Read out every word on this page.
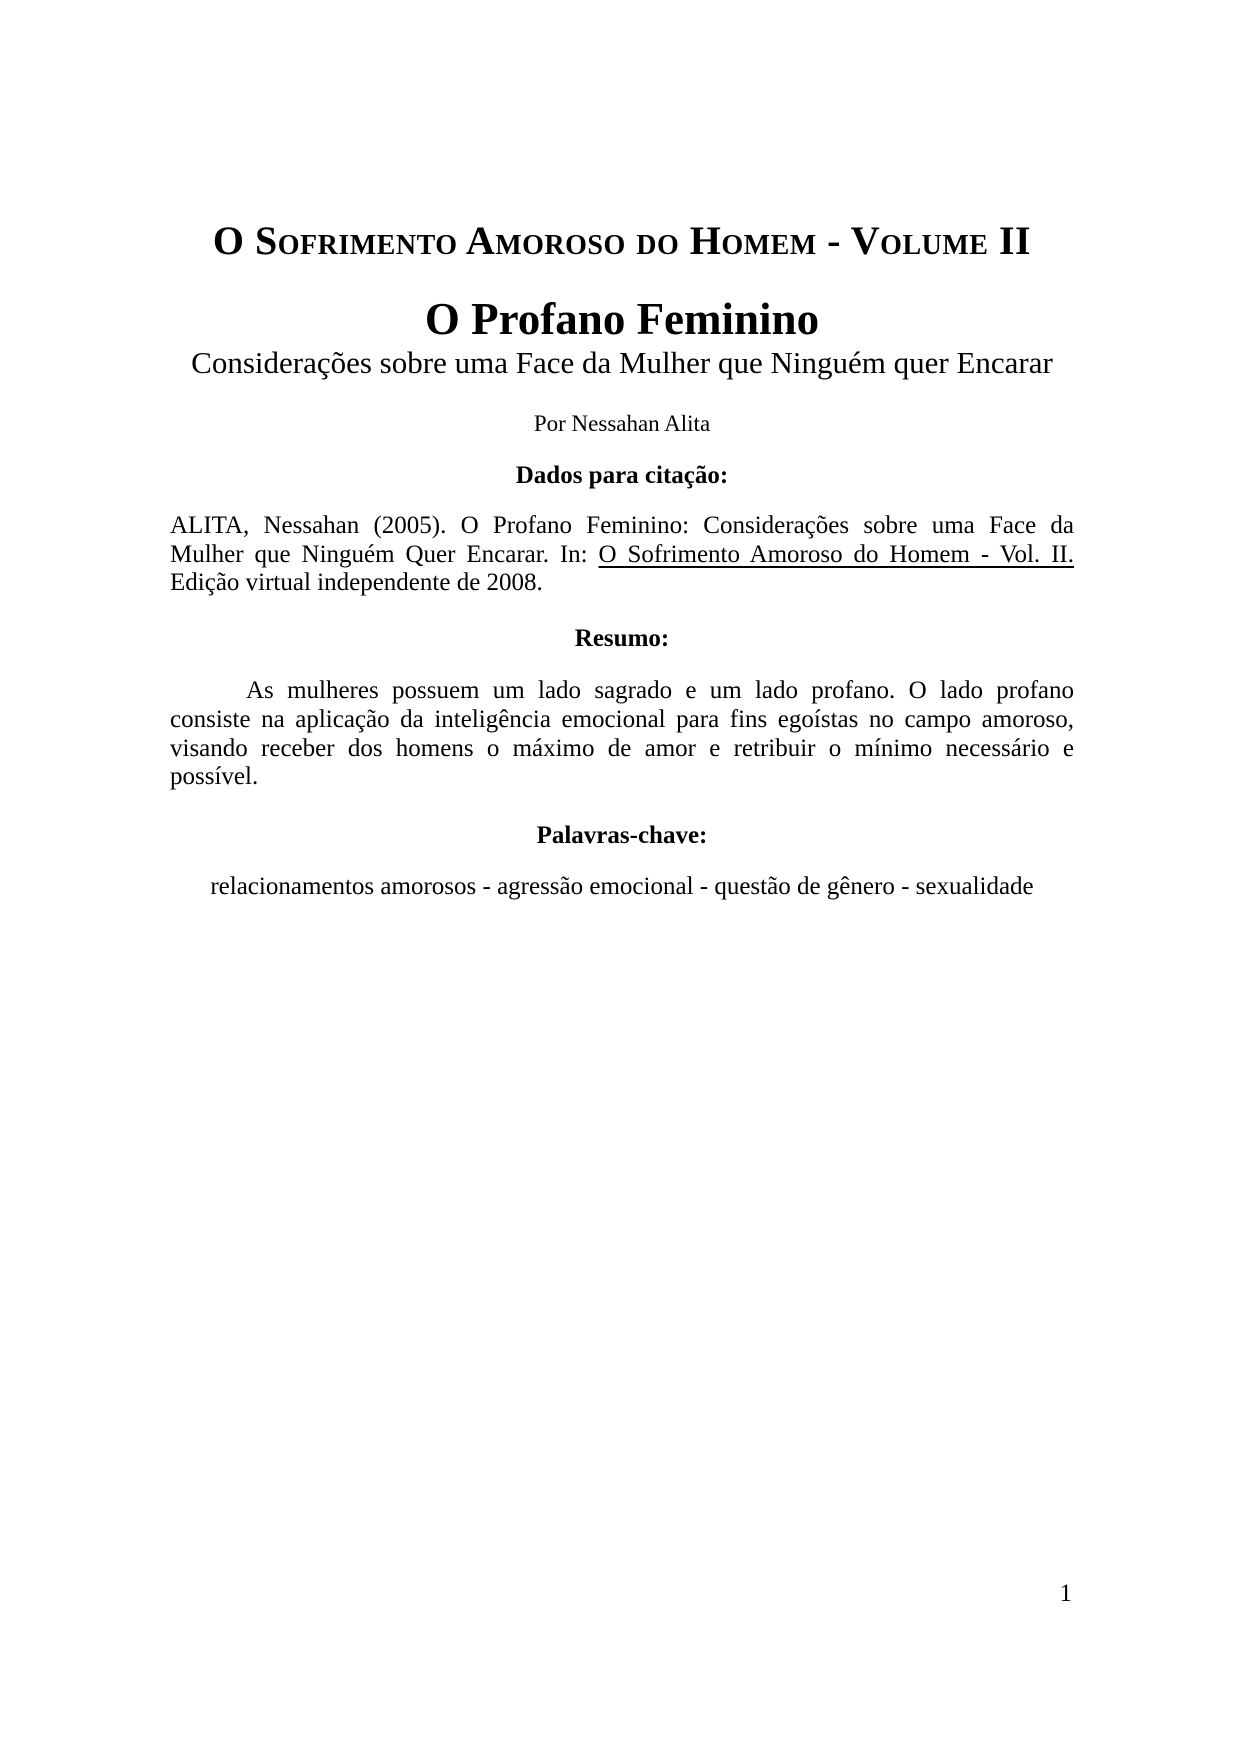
O Sofrimento Amoroso do Homem - Volume II
O Profano Feminino
Considerações sobre uma Face da Mulher que Ninguém quer Encarar
Por Nessahan Alita
Dados para citação:
ALITA, Nessahan (2005). O Profano Feminino: Considerações sobre uma Face da Mulher que Ninguém Quer Encarar. In: O Sofrimento Amoroso do Homem - Vol. II. Edição virtual independente de 2008.
Resumo:
As mulheres possuem um lado sagrado e um lado profano. O lado profano consiste na aplicação da inteligência emocional para fins egoístas no campo amoroso, visando receber dos homens o máximo de amor e retribuir o mínimo necessário e possível.
Palavras-chave:
relacionamentos amorosos - agressão emocional - questão de gênero - sexualidade
1
